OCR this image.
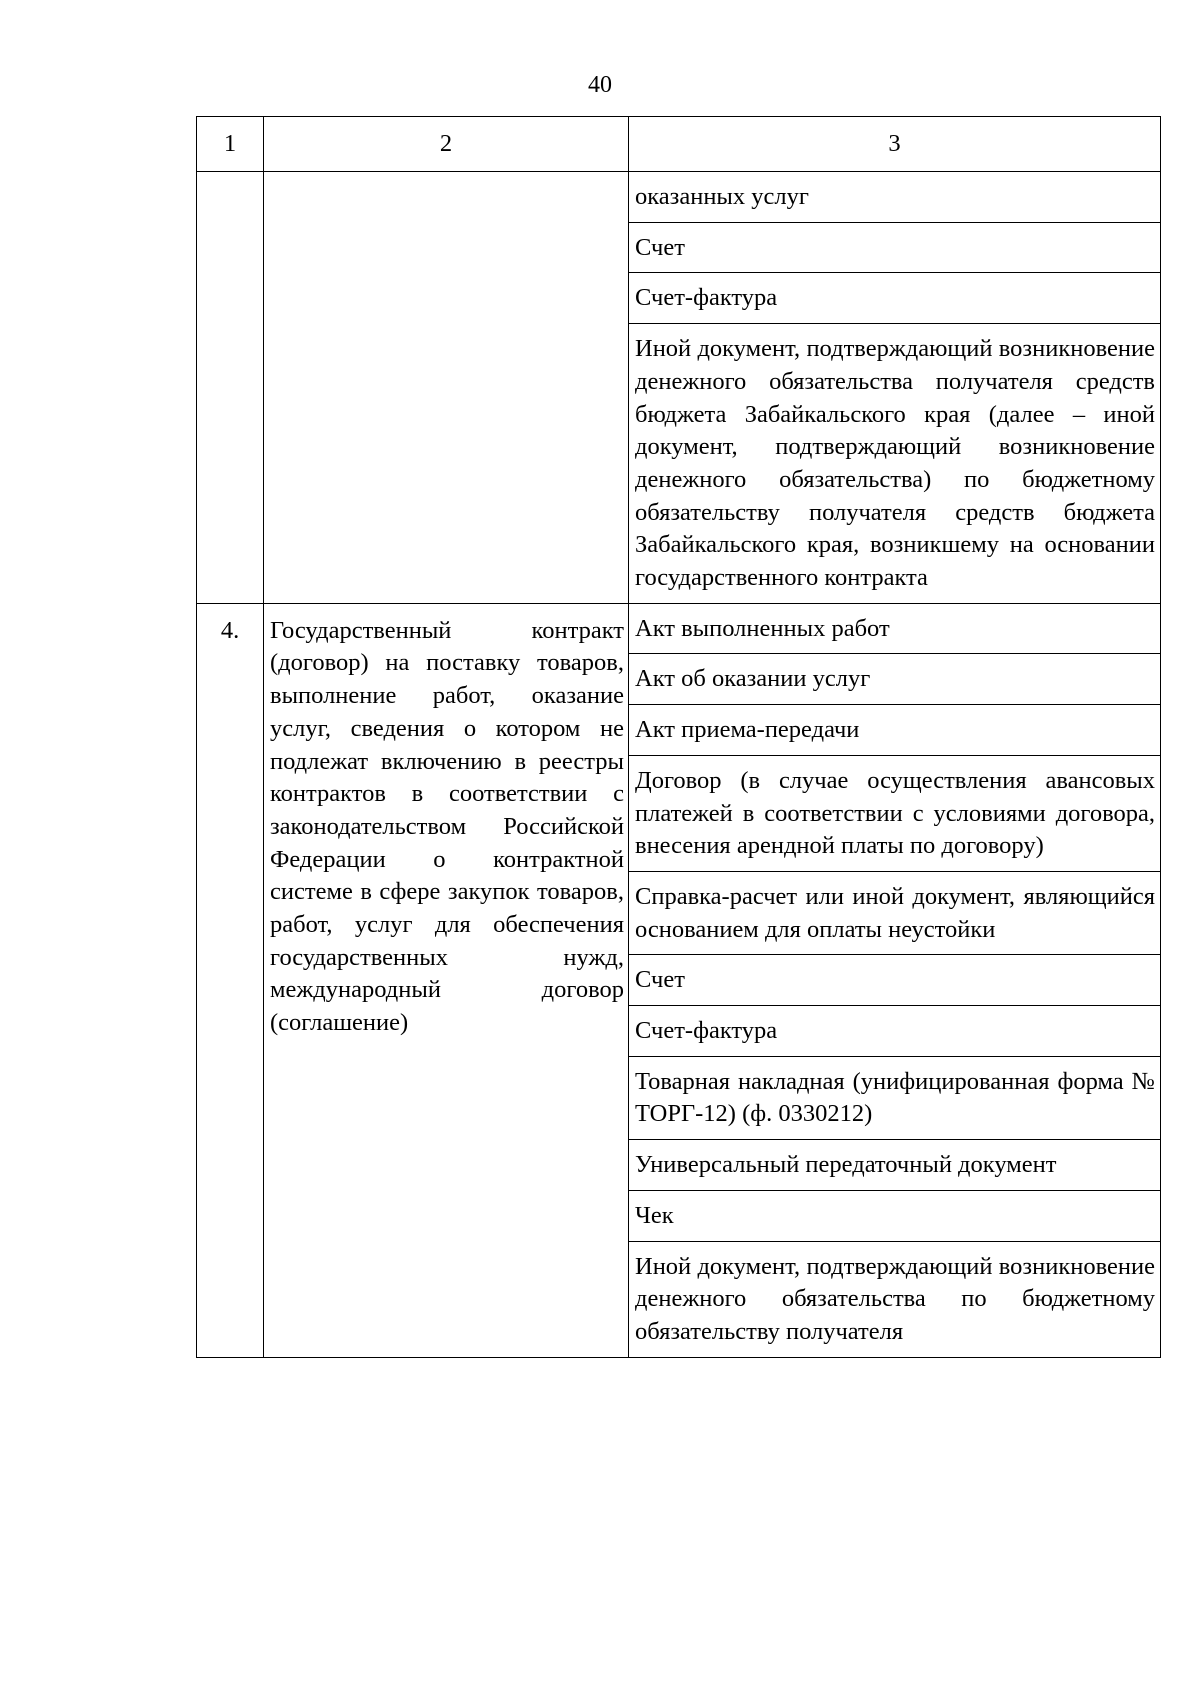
40
1	2	3
		оказанных услуг
		Счет
		Счет-фактура
		Иной документ, подтверждающий возникновение денежного обязательства получателя средств бюджета Забайкальского края (далее – иной документ, подтверждающий возникновение денежного обязательства) по бюджетному обязательству получателя средств бюджета Забайкальского края, возникшему на основании государственного контракта
4.	Государственный контракт (договор) на поставку товаров, выполнение работ, оказание услуг, сведения о котором не подлежат включению в реестры контрактов в соответствии с законодательством Российской Федерации о контрактной системе в сфере закупок товаров, работ, услуг для обеспечения государственных нужд, международный договор (соглашение)	Акт выполненных работ
		Акт об оказании услуг
		Акт приема-передачи
		Договор (в случае осуществления авансовых платежей в соответствии с условиями договора, внесения арендной платы по договору)
		Справка-расчет или иной документ, являющийся основанием для оплаты неустойки
		Счет
		Счет-фактура
		Товарная накладная (унифицированная форма № ТОРГ-12) (ф. 0330212)
		Универсальный передаточный документ
		Чек
		Иной документ, подтверждающий возникновение денежного обязательства по бюджетному обязательству получателя
